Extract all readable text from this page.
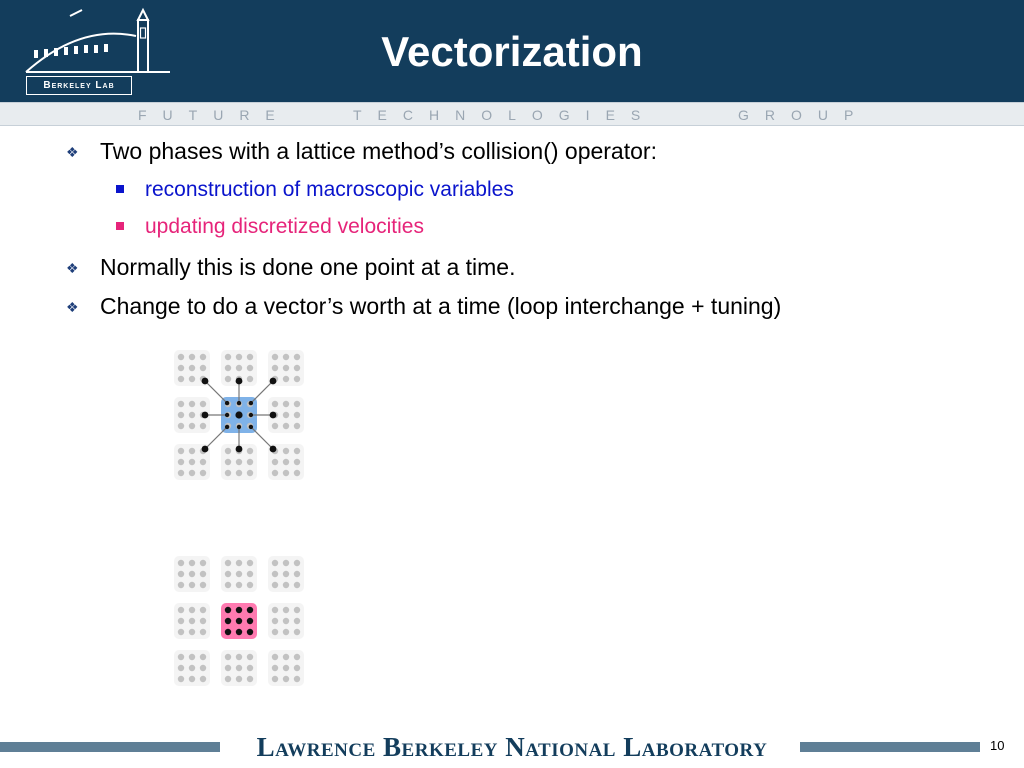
Berkeley Lab
Vectorization
FUTURE	TECHNOLOGIES	GROUP
❖ Two phases with a lattice method’s collision() operator:
reconstruction of macroscopic variables
updating discretized velocities
❖ Normally this is done one point at a time.
❖ Change to do a vector’s worth at a time (loop interchange + tuning)
Lawrence Berkeley National Laboratory	10
